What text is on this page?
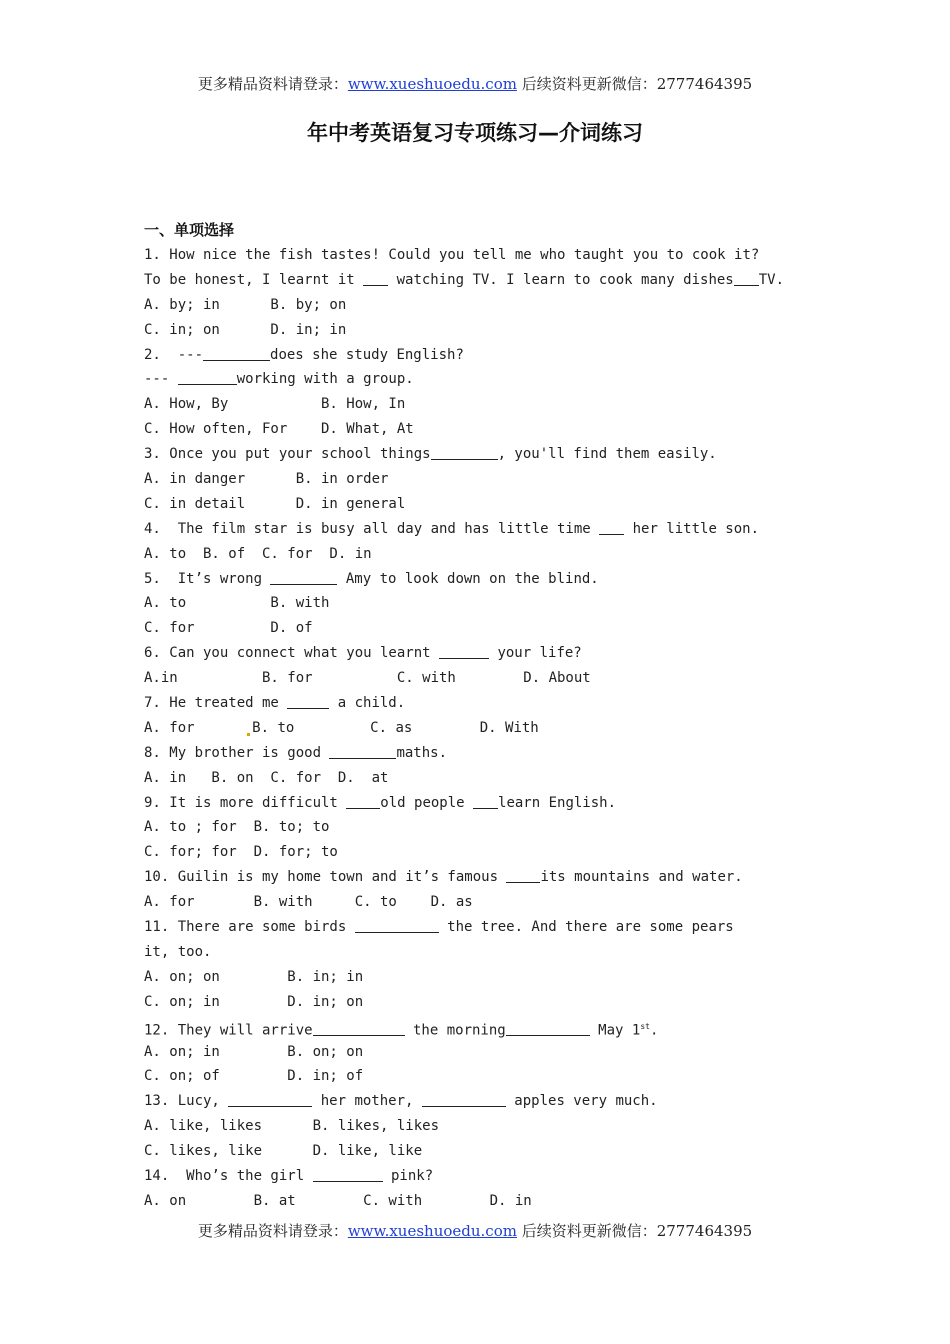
更多精品资料请登录：www.xueshuoedu.com 后续资料更新微信：2777464395
年中考英语复习专项练习—介词练习
一、单项选择
1. How nice the fish tastes! Could you tell me who taught you to cook it?
To be honest, I learnt it  watching TV. I learn to cook many dishes TV.
A. by; in      B. by; on
C. in; on      D. in; in
2.  ---	does she study English?
---	working with a group.
A. How, By           B. How, In
C. How often, For    D. What, At
3. Once you put your school things	, you'll find them easily.
A. in danger      B. in order
C. in detail      D. in general
4.  The film star is busy all day and has little time  her little son.
A. to  B. of  C. for  D. in
5.  It’s wrong	Amy to look down on the blind.
A. to          B. with
C. for         D. of
6. Can you connect what you learnt	your life?
A.in          B. for          C. with        D. About
7. He treated me	a child.
A. for      B. to         C. as        D. With
8. My brother is good	maths.
A. in   B. on  C. for  D.  at
9. It is more difficult old people learn English.
A. to ; for  B. to; to
C. for; for  D. for; to
10. Guilin is my home town and it’s famous its mountains and water.
A. for       B. with     C. to    D. as
11. There are some birds	the tree. And there are some pears
it, too.
A. on; on        B. in; in
C. on; in        D. in; on
12. They will arrive	the morning	May 1st.
A. on; in        B. on; on
C. on; of        D. in; of
13. Lucy,	her mother,	apples very much.
A. like, likes      B. likes, likes
C. likes, like      D. like, like
14.  Who’s the girl	pink?
A. on        B. at        C. with        D. in
更多精品资料请登录：www.xueshuoedu.com 后续资料更新微信：2777464395
